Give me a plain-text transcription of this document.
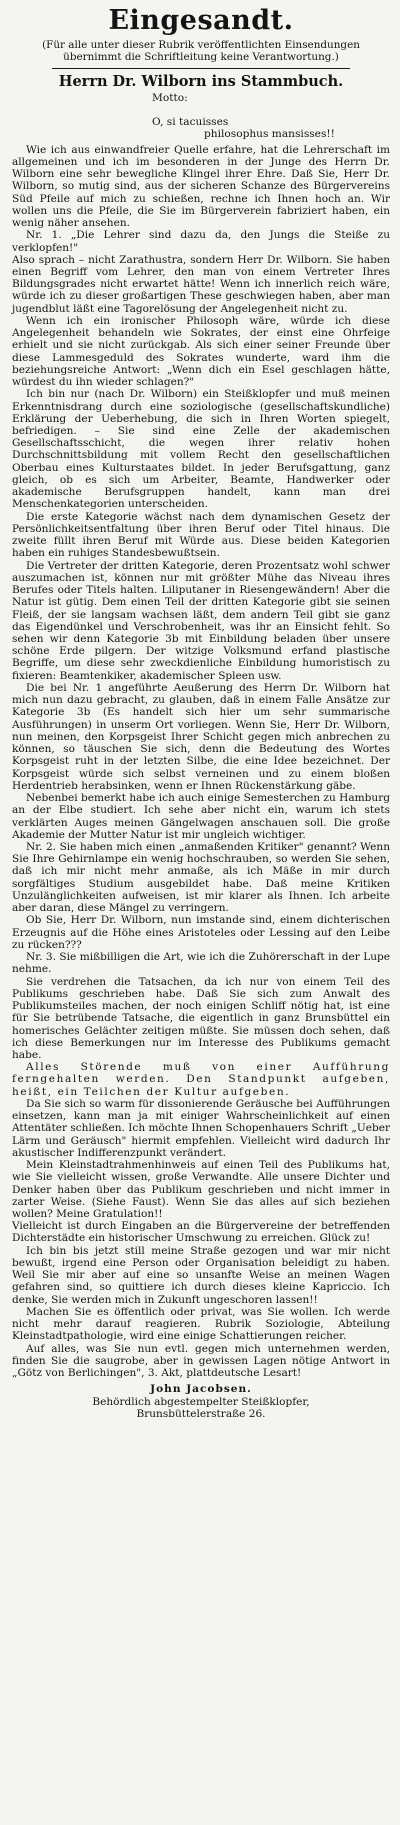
Eingesandt.
(Für alle unter dieser Rubrik veröffentlichten Einsendungen übernimmt die Schriftleitung keine Verantwortung.)
Herrn Dr. Wilborn ins Stammbuch.
Motto:

O, si tacuisses
philosophus mansisses!!

Wie ich aus einwandfreier Quelle erfahre, hat die Lehrerschaft im allgemeinen und ich im besonderen in der Junge des Herrn Dr. Wilborn eine sehr bewegliche Klingel ihrer Ehre. Daß Sie, Herr Dr. Wilborn, so mutig sind, aus der sicheren Schanze des Bürgervereins Süd Pfeile auf mich zu schießen, rechne ich Ihnen hoch an. Wir wollen uns die Pfeile, die Sie im Bürgerverein fabriziert haben, ein wenig näher ansehen.

Nr. 1. „Die Lehrer sind dazu da, den Jungs die Steiße zu verklopfen!"

Also sprach – nicht Zarathustra, sondern Herr Dr. Wilborn. Sie haben einen Begriff vom Lehrer, den man von einem Vertreter Ihres Bildungsgrades nicht erwartet hätte! Wenn ich innerlich reich wäre, würde ich zu dieser großartigen These geschwiegen haben, aber man jugendblut läßt eine Tagorelösung der Angelegenheit nicht zu.

Wenn ich ein ironischer Philosoph wäre, würde ich diese Angelegenheit behandeln wie Sokrates, der einst eine Ohrfeige erhielt und sie nicht zurückgab. Als sich einer seiner Freunde über diese Lammesgeduld des Sokrates wunderte, ward ihm die beziehungsreiche Antwort: „Wenn dich ein Esel geschlagen hätte, würdest du ihn wieder schlagen?"

Ich bin nur (nach Dr. Wilborn) ein Steißklopfer und muß meinen Erkenntnisdrang durch eine soziologische (gesellschaftskundliche) Erklärung der Ueberhebung, die sich in Ihren Worten spiegelt, befriedigen. – Sie sind eine Zelle der akademischen Gesellschaftsschicht, die wegen ihrer relativ hohen Durchschnittsbildung mit vollem Recht den gesellschaftlichen Oberbau eines Kulturstaates bildet. In jeder Berufsgattung, ganz gleich, ob es sich um Arbeiter, Beamte, Handwerker oder akademische Berufsgruppen handelt, kann man drei Menschenkategorien unterscheiden.

Die erste Kategorie wächst nach dem dynamischen Gesetz der Persönlichkeitsentfaltung über ihren Beruf oder Titel hinaus. Die zweite füllt ihren Beruf mit Würde aus. Diese beiden Kategorien haben ein ruhiges Standesbewußtsein.

Die Vertreter der dritten Kategorie, deren Prozentsatz wohl schwer auszumachen ist, können nur mit größter Mühe das Niveau ihres Berufes oder Titels halten. Liliputaner in Riesengewändern! Aber die Natur ist gütig. Dem einen Teil der dritten Kategorie gibt sie seinen Fleiß, der sie langsam wachsen läßt, dem andern Teil gibt sie ganz das Eigendünkel und Verschrobenheit, was ihr an Einsicht fehlt. So sehen wir denn Kategorie 3b mit Einbildung beladen über unsere schöne Erde pilgern. Der witzige Volksmund erfand plastische Begriffe, um diese sehr zweckdienliche Einbildung humoristisch zu fixieren: Beamtenkiker, akademischer Spleen usw.

Die bei Nr. 1 angeführte Aeußerung des Herrn Dr. Wilborn hat mich nun dazu gebracht, zu glauben, daß in einem Falle Ansätze zur Kategorie 3b (Es handelt sich hier um sehr summarische Ausführungen) in unserm Ort vorliegen. Wenn Sie, Herr Dr. Wilborn, nun meinen, den Korpsgeist Ihrer Schicht gegen mich anbrechen zu können, so täuschen Sie sich, denn die Bedeutung des Wortes Korpsgeist ruht in der letzten Silbe, die eine Idee bezeichnet. Der Korpsgeist würde sich selbst verneinen und zu einem bloßen Herdentrieb herabsinken, wenn er Ihnen Rückenstärkung gäbe.

Nebenbei bemerkt habe ich auch einige Semesterchen zu Hamburg an der Elbe studiert. Ich sehe aber nicht ein, warum ich stets verklärten Auges meinen Gängelwagen anschauen soll. Die große Akademie der Mutter Natur ist mir ungleich wichtiger.

Nr. 2. Sie haben mich einen „anmaßenden Kritiker" genannt? Wenn Sie Ihre Gehirnlampe ein wenig hochschrauben, so werden Sie sehen, daß ich mir nicht mehr anmaße, als ich Mäße in mir durch sorgfältiges Studium ausgebildet habe. Daß meine Kritiken Unzulänglichkeiten aufweisen, ist mir klarer als Ihnen. Ich arbeite aber daran, diese Mängel zu verringern.

Ob Sie, Herr Dr. Wilborn, nun imstande sind, einem dichterischen Erzeugnis auf die Höhe eines Aristoteles oder Lessing auf den Leibe zu rücken???

Nr. 3. Sie mißbilligen die Art, wie ich die Zuhörerschaft in der Lupe nehme.

Sie verdrehen die Tatsachen, da ich nur von einem Teil des Publikums geschrieben habe. Daß Sie sich zum Anwalt des Publikumsteiles machen, der noch einigen Schliff nötig hat, ist eine für Sie betrübende Tatsache, die eigentlich in ganz Brunsbüttel ein homerisches Gelächter zeitigen müßte. Sie müssen doch sehen, daß ich diese Bemerkungen nur im Interesse des Publikums gemacht habe.

Alles Störende muß von einer Aufführung ferngehalten werden. Den Standpunkt aufgeben, heißt, ein Teilchen der Kultur aufgeben.

Da Sie sich so warm für dissonierende Geräusche bei Aufführungen einsetzen, kann man ja mit einiger Wahrscheinlichkeit auf einen Attentäter schließen. Ich möchte Ihnen Schopenhauers Schrift „Ueber Lärm und Geräusch" hiermit empfehlen. Vielleicht wird dadurch Ihr akustischer Indifferenzpunkt verändert.

Mein Kleinstadtrahmenhinweis auf einen Teil des Publikums hat, wie Sie vielleicht wissen, große Verwandte. Alle unsere Dichter und Denker haben über das Publikum geschrieben und nicht immer in zarter Weise. (Siehe Faust). Wenn Sie das alles auf sich beziehen wollen? Meine Gratulation!!

Vielleicht ist durch Eingaben an die Bürgervereine der betreffenden Dichterstädte ein historischer Umschwung zu erreichen. Glück zu!

Ich bin bis jetzt still meine Straße gezogen und war mir nicht bewußt, irgend eine Person oder Organisation beleidigt zu haben. Weil Sie mir aber auf eine so unsanfte Weise an meinen Wagen gefahren sind, so quittiere ich durch dieses kleine Kapriccio. Ich denke, Sie werden mich in Zukunft ungeschoren lassen!!

Machen Sie es öffentlich oder privat, was Sie wollen. Ich werde nicht mehr darauf reagieren. Rubrik Soziologie, Abteilung Kleinstadtpathologie, wird eine einige Schattierungen reicher.

Auf alles, was Sie nun evtl. gegen mich unternehmen werden, finden Sie die saugrobe, aber in gewissen Lagen nötige Antwort in „Götz von Berlichingen", 3. Akt, plattdeutsche Lesart!

John Jacobsen.
Behördlich abgestempelter Steißklopfer,
Brunsbüttelerstraße 26.
